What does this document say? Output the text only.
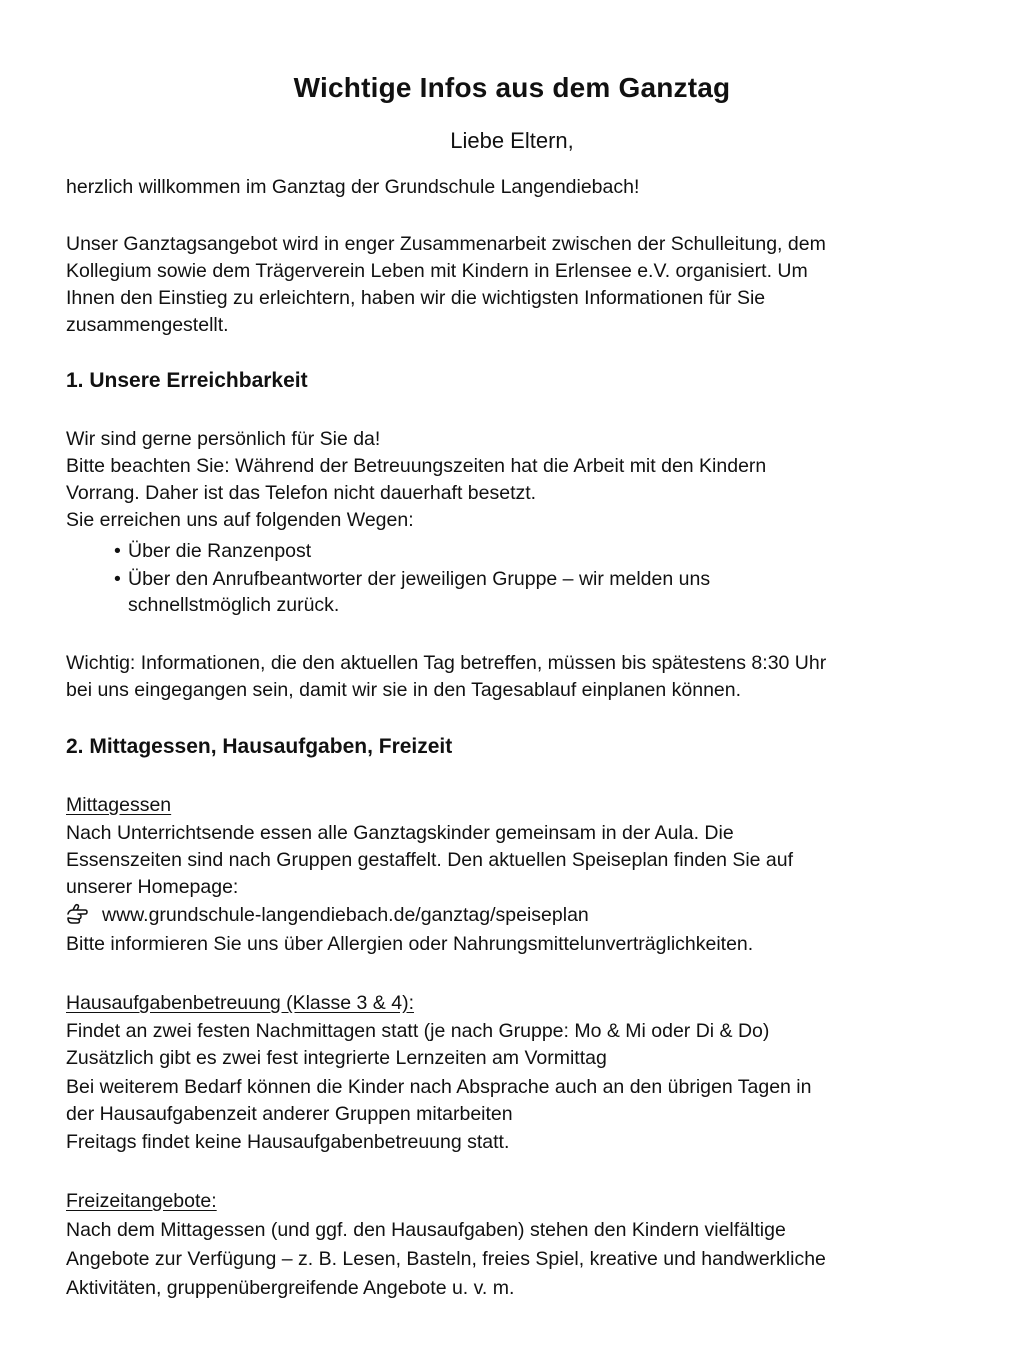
Wichtige Infos aus dem Ganztag
Liebe Eltern,
herzlich willkommen im Ganztag der Grundschule Langendiebach!
Unser Ganztagsangebot wird in enger Zusammenarbeit zwischen der Schulleitung, dem
Kollegium sowie dem Trägerverein Leben mit Kindern in Erlensee e.V. organisiert. Um
Ihnen den Einstieg zu erleichtern, haben wir die wichtigsten Informationen für Sie
zusammengestellt.
1. Unsere Erreichbarkeit
Wir sind gerne persönlich für Sie da!
Bitte beachten Sie: Während der Betreuungszeiten hat die Arbeit mit den Kindern
Vorrang. Daher ist das Telefon nicht dauerhaft besetzt.
Sie erreichen uns auf folgenden Wegen:
• Über die Ranzenpost
• Über den Anrufbeantworter der jeweiligen Gruppe – wir melden uns
schnellstmöglich zurück.
Wichtig: Informationen, die den aktuellen Tag betreffen, müssen bis spätestens 8:30 Uhr
bei uns eingegangen sein, damit wir sie in den Tagesablauf einplanen können.
2. Mittagessen, Hausaufgaben, Freizeit
Mittagessen
Nach Unterrichtsende essen alle Ganztagskinder gemeinsam in der Aula. Die
Essenszeiten sind nach Gruppen gestaffelt. Den aktuellen Speiseplan finden Sie auf
unserer Homepage:
www.grundschule-langendiebach.de/ganztag/speiseplan
Bitte informieren Sie uns über Allergien oder Nahrungsmittelunverträglichkeiten.
Hausaufgabenbetreuung (Klasse 3 & 4):
Findet an zwei festen Nachmittagen statt (je nach Gruppe: Mo & Mi oder Di & Do)
Zusätzlich gibt es zwei fest integrierte Lernzeiten am Vormittag
Bei weiterem Bedarf können die Kinder nach Absprache auch an den übrigen Tagen in
der Hausaufgabenzeit anderer Gruppen mitarbeiten
Freitags findet keine Hausaufgabenbetreuung statt.
Freizeitangebote:
Nach dem Mittagessen (und ggf. den Hausaufgaben) stehen den Kindern vielfältige
Angebote zur Verfügung – z. B. Lesen, Basteln, freies Spiel, kreative und handwerkliche
Aktivitäten, gruppenübergreifende Angebote u. v. m.
